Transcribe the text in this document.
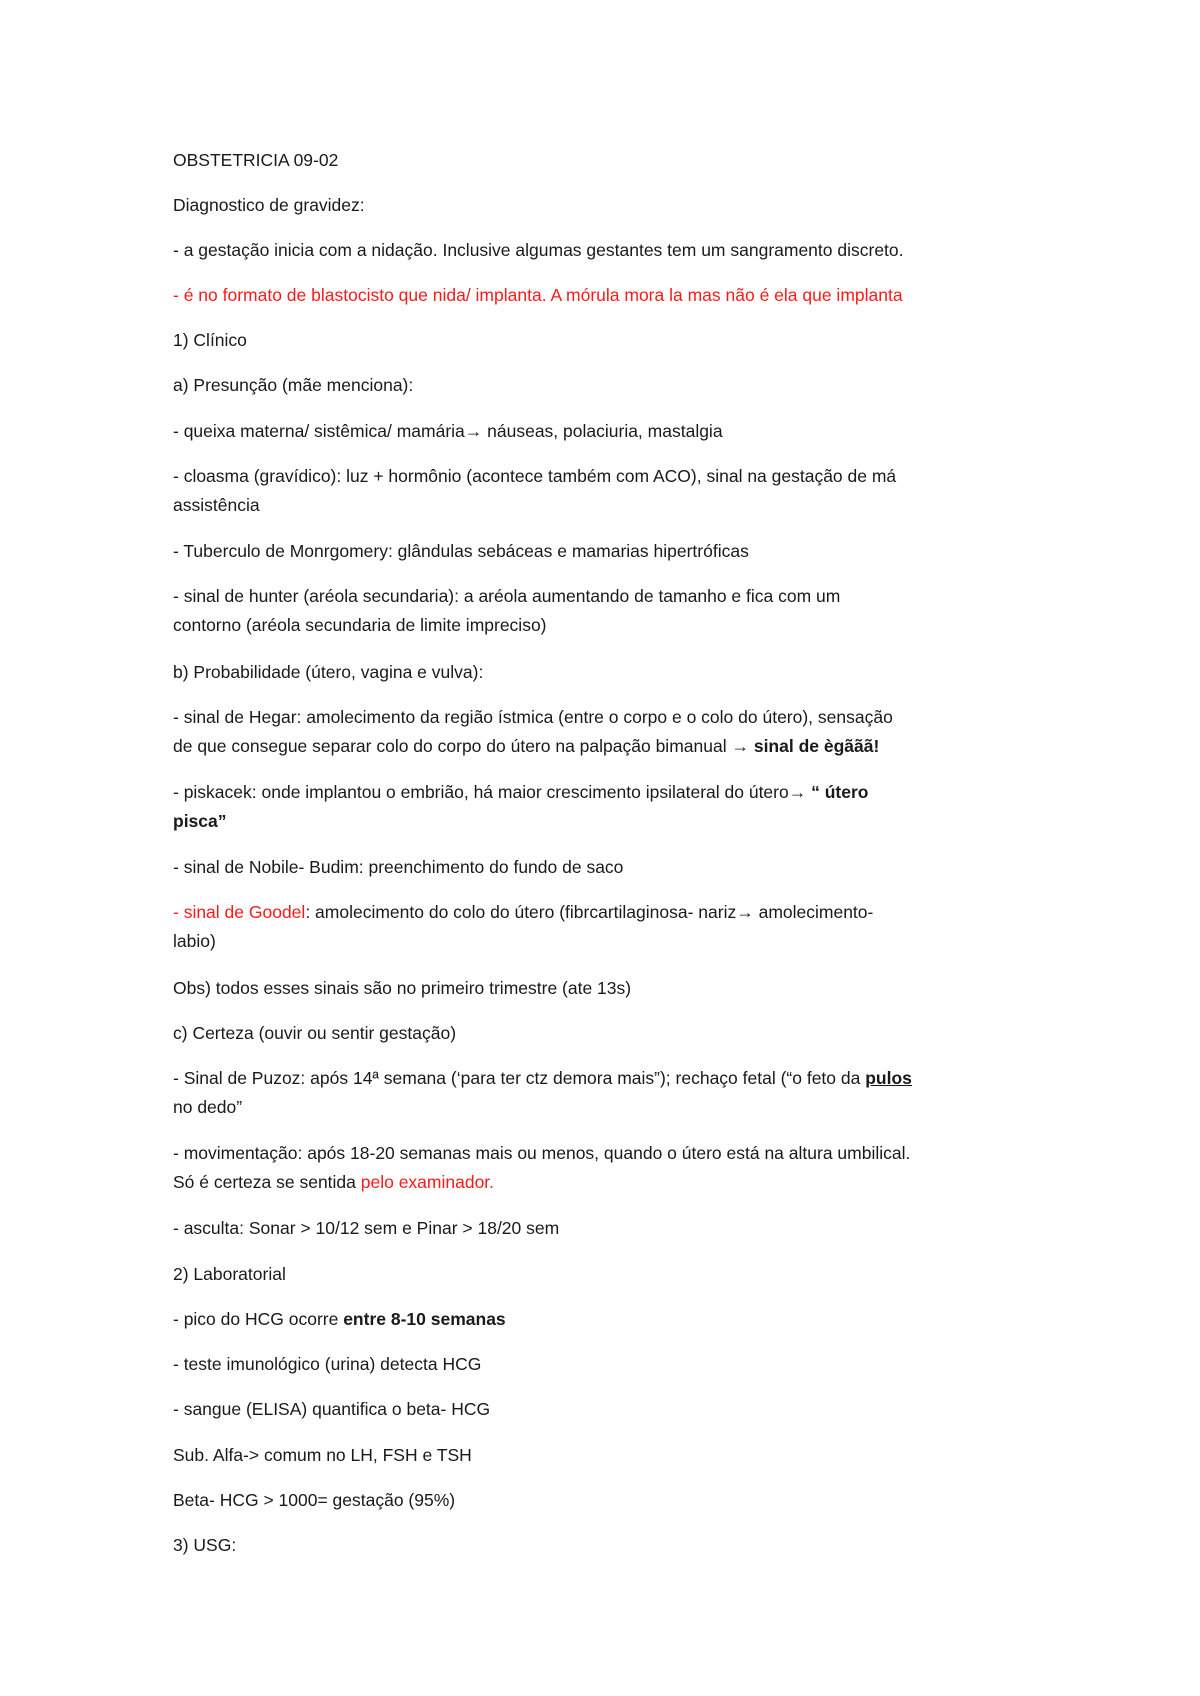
OBSTETRICIA 09-02
Diagnostico de gravidez:
- a gestação inicia com a nidação. Inclusive algumas gestantes tem um sangramento discreto.
- é no formato de blastocisto que nida/ implanta. A mórula mora la mas não é ela que implanta
1) Clínico
a) Presunção (mãe menciona):
- queixa materna/ sistêmica/ mamária→ náuseas, polaciuria, mastalgia
- cloasma (gravídico): luz + hormônio (acontece também com ACO), sinal na gestação de má
assistência
- Tuberculo de Monrgomery: glândulas sebáceas e mamarias hipertróficas
- sinal de hunter (aréola secundaria): a aréola aumentando de tamanho e fica com um
contorno (aréola secundaria de limite impreciso)
b) Probabilidade (útero, vagina e vulva):
- sinal de Hegar: amolecimento da região ístmica (entre o corpo e o colo do útero), sensação
de que consegue separar colo do corpo do útero na palpação bimanual → sinal de ègããã!
- piskacek: onde implantou o embrião, há maior crescimento ipsilateral do útero→ “ útero
pisca”
- sinal de Nobile- Budim: preenchimento do fundo de saco
- sinal de Goodel: amolecimento do colo do útero (fibrcartilaginosa- nariz→ amolecimento-
labio)
Obs) todos esses sinais são no primeiro trimestre (ate 13s)
c) Certeza (ouvir ou sentir gestação)
- Sinal de Puzoz: após 14ª semana (‘para ter ctz demora mais”); rechaço fetal (“o feto da pulos
no dedo”
- movimentação: após 18-20 semanas mais ou menos, quando o útero está na altura umbilical.
Só é certeza se sentida pelo examinador.
- asculta: Sonar > 10/12 sem e Pinar > 18/20 sem
2) Laboratorial
- pico do HCG ocorre entre 8-10 semanas
- teste imunológico (urina) detecta HCG
- sangue (ELISA) quantifica o beta- HCG
Sub. Alfa-> comum no LH, FSH e TSH
Beta- HCG > 1000= gestação (95%)
3) USG:
